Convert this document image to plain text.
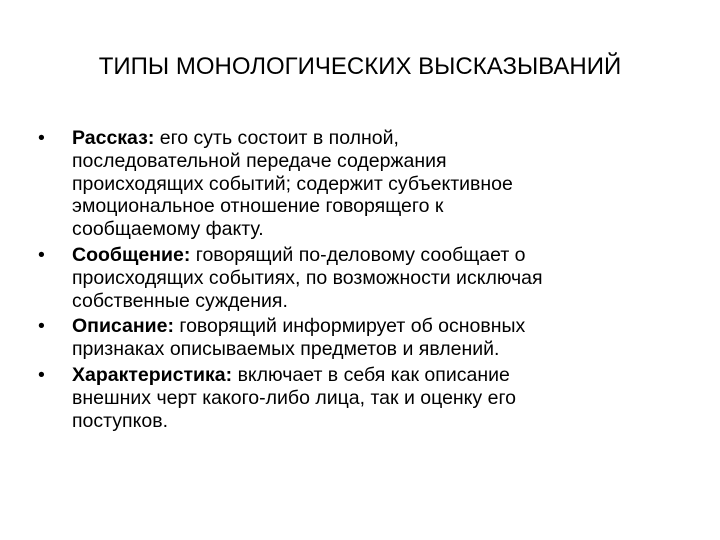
ТИПЫ МОНОЛОГИЧЕСКИХ ВЫСКАЗЫВАНИЙ
•	Рассказ: его суть состоит в полной,
последовательной передаче содержания
происходящих событий; содержит субъективное
эмоциональное отношение говорящего к
сообщаемому факту.
•	Сообщение: говорящий по-деловому сообщает о
происходящих событиях, по возможности исключая
собственные суждения.
•	Описание: говорящий информирует об основных
признаках описываемых предметов и явлений.
•	Характеристика: включает в себя как описание
внешних черт какого-либо лица, так и оценку его
поступков.
